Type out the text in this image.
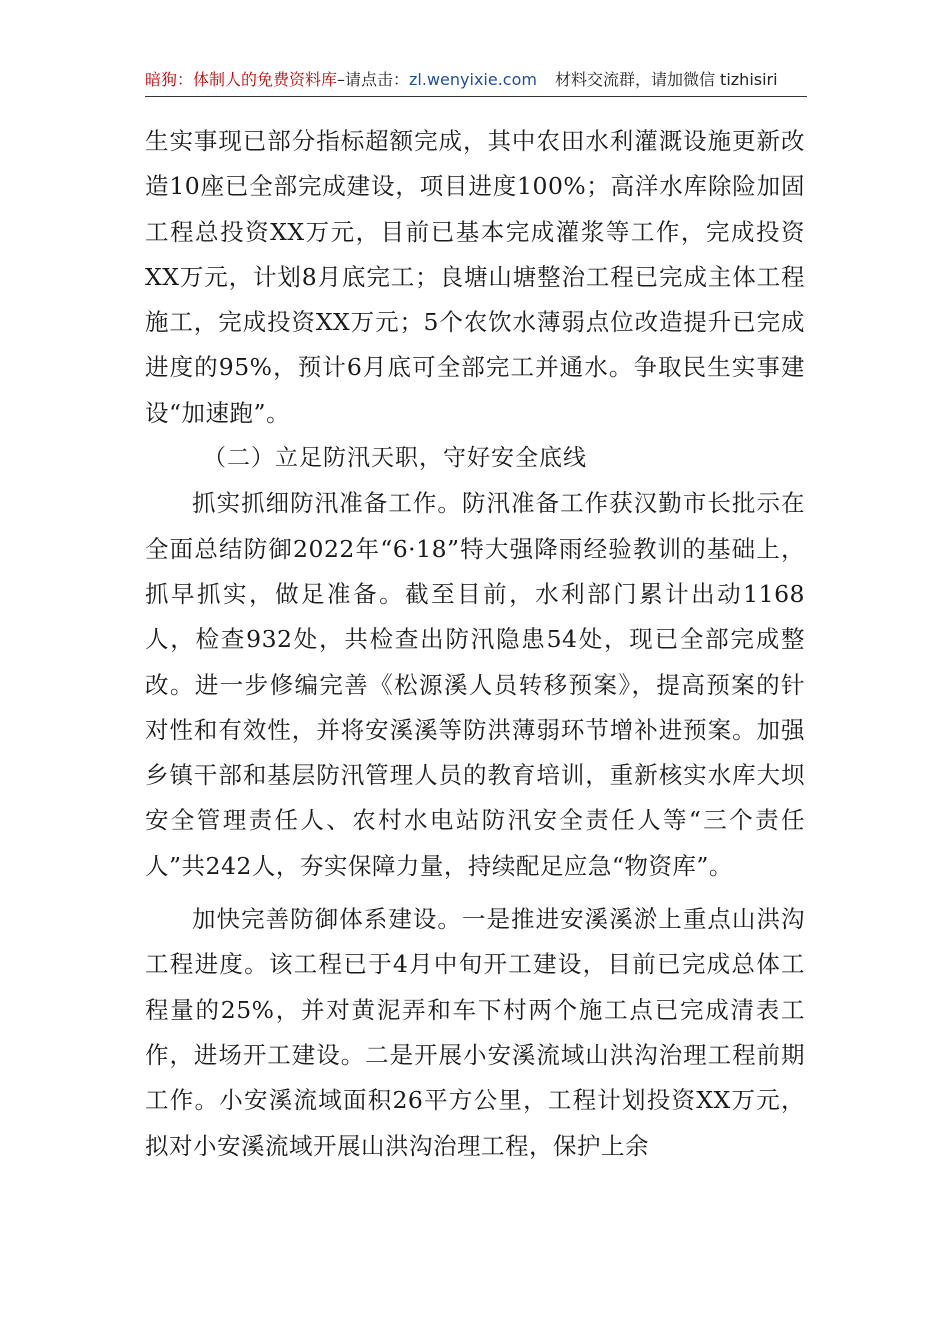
暗狗：体制人的免费资料库–请点击：zl.wenyixie.com 材料交流群，请加微信 tizhisiri

生实事现已部分指标超额完成，其中农田水利灌溉设施更新改造10座已全部完成建设，项目进度100%；高洋水库除险加固工程总投资XX万元，目前已基本完成灌浆等工作，完成投资XX万元，计划8月底完工；良塘山塘整治工程已完成主体工程施工，完成投资XX万元；5个农饮水薄弱点位改造提升已完成进度的95%，预计6月底可全部完工并通水。争取民生实事建设“加速跑”。

（二）立足防汛天职，守好安全底线

抓实抓细防汛准备工作。防汛准备工作获汉勤市长批示在全面总结防御2022年“6·18”特大强降雨经验教训的基础上，抓早抓实，做足准备。截至目前，水利部门累计出动1168人，检查932处，共检查出防汛隐患54处，现已全部完成整改。进一步修编完善《松源溪人员转移预案》，提高预案的针对性和有效性，并将安溪溪等防洪薄弱环节增补进预案。加强乡镇干部和基层防汛管理人员的教育培训，重新核实水库大坝安全管理责任人、农村水电站防汛安全责任人等“三个责任人”共242人，夯实保障力量，持续配足应急“物资库”。

加快完善防御体系建设。一是推进安溪溪淤上重点山洪沟工程进度。该工程已于4月中旬开工建设，目前已完成总体工程量的25%，并对黄泥弄和车下村两个施工点已完成清表工作，进场开工建设。二是开展小安溪流域山洪沟治理工程前期工作。小安溪流域面积26平方公里，工程计划投资XX万元，拟对小安溪流域开展山洪沟治理工程，保护上余
